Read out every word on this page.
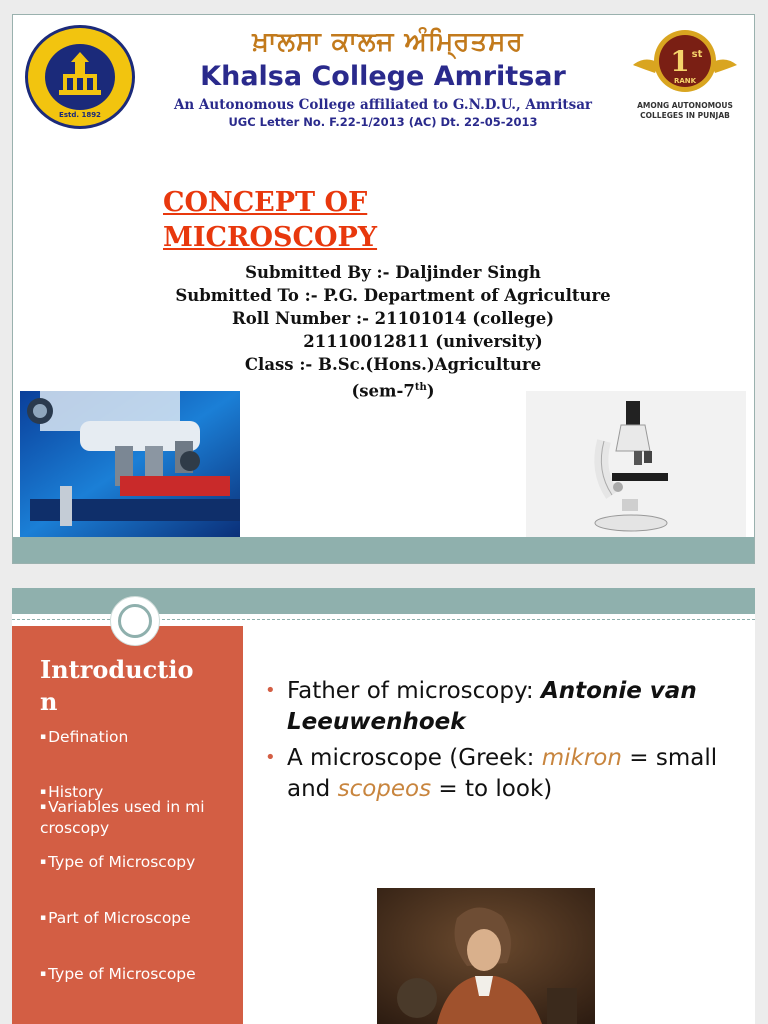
Estd. 1892
ਖ਼ਾਲਸਾ ਕਾਲਜ ਅੰਮ੍ਰਿਤਸਰ
Khalsa College Amritsar
An Autonomous College affiliated to G.N.D.U., Amritsar
UGC Letter No. F.22-1/2013 (AC) Dt. 22-05-2013
1 st
RANK
AMONG AUTONOMOUS COLLEGES IN PUNJAB
CONCEPT OF
MICROSCOPY
Submitted By :- Daljinder Singh
Submitted To :- P.G. Department of Agriculture Roll Number :- 21101014 (college)
21110012811 (university)
Class :- B.Sc.(Hons.)Agriculture
(sem-7th)
Introduction
▪ Defination
▪ History
▪ Variables used in microscopy
▪ Type of Microscopy
▪ Part of Microscope
▪ Type of Microscope
• Father of microscopy: Antonie van Leeuwenhoek
• A microscope (Greek: mikron = small and scopeos = to look)
